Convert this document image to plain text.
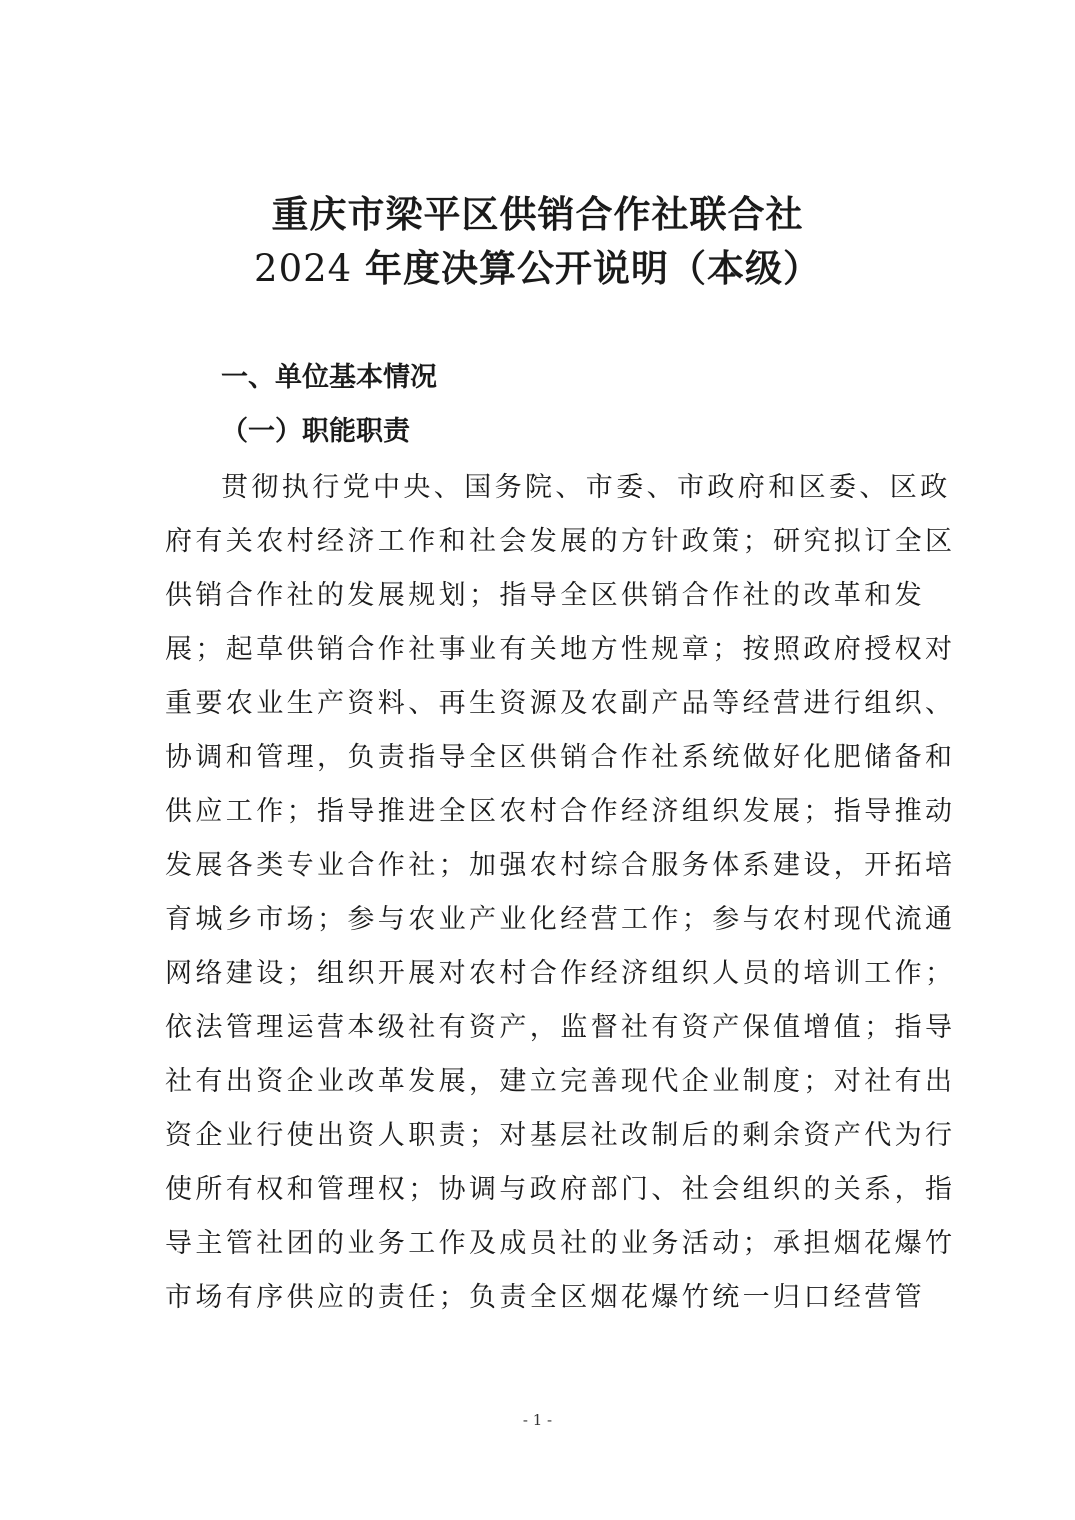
重庆市梁平区供销合作社联合社
2024 年度决算公开说明（本级）
一、单位基本情况
（一）职能职责
贯彻执行党中央、国务院、市委、市政府和区委、区政
府有关农村经济工作和社会发展的方针政策；研究拟订全区
供销合作社的发展规划；指导全区供销合作社的改革和发
展；起草供销合作社事业有关地方性规章；按照政府授权对
重要农业生产资料、再生资源及农副产品等经营进行组织、
协调和管理，负责指导全区供销合作社系统做好化肥储备和
供应工作；指导推进全区农村合作经济组织发展；指导推动
发展各类专业合作社；加强农村综合服务体系建设，开拓培
育城乡市场；参与农业产业化经营工作；参与农村现代流通
网络建设；组织开展对农村合作经济组织人员的培训工作；
依法管理运营本级社有资产，监督社有资产保值增值；指导
社有出资企业改革发展，建立完善现代企业制度；对社有出
资企业行使出资人职责；对基层社改制后的剩余资产代为行
使所有权和管理权；协调与政府部门、社会组织的关系，指
导主管社团的业务工作及成员社的业务活动；承担烟花爆竹
市场有序供应的责任；负责全区烟花爆竹统一归口经营管
- 1 -
